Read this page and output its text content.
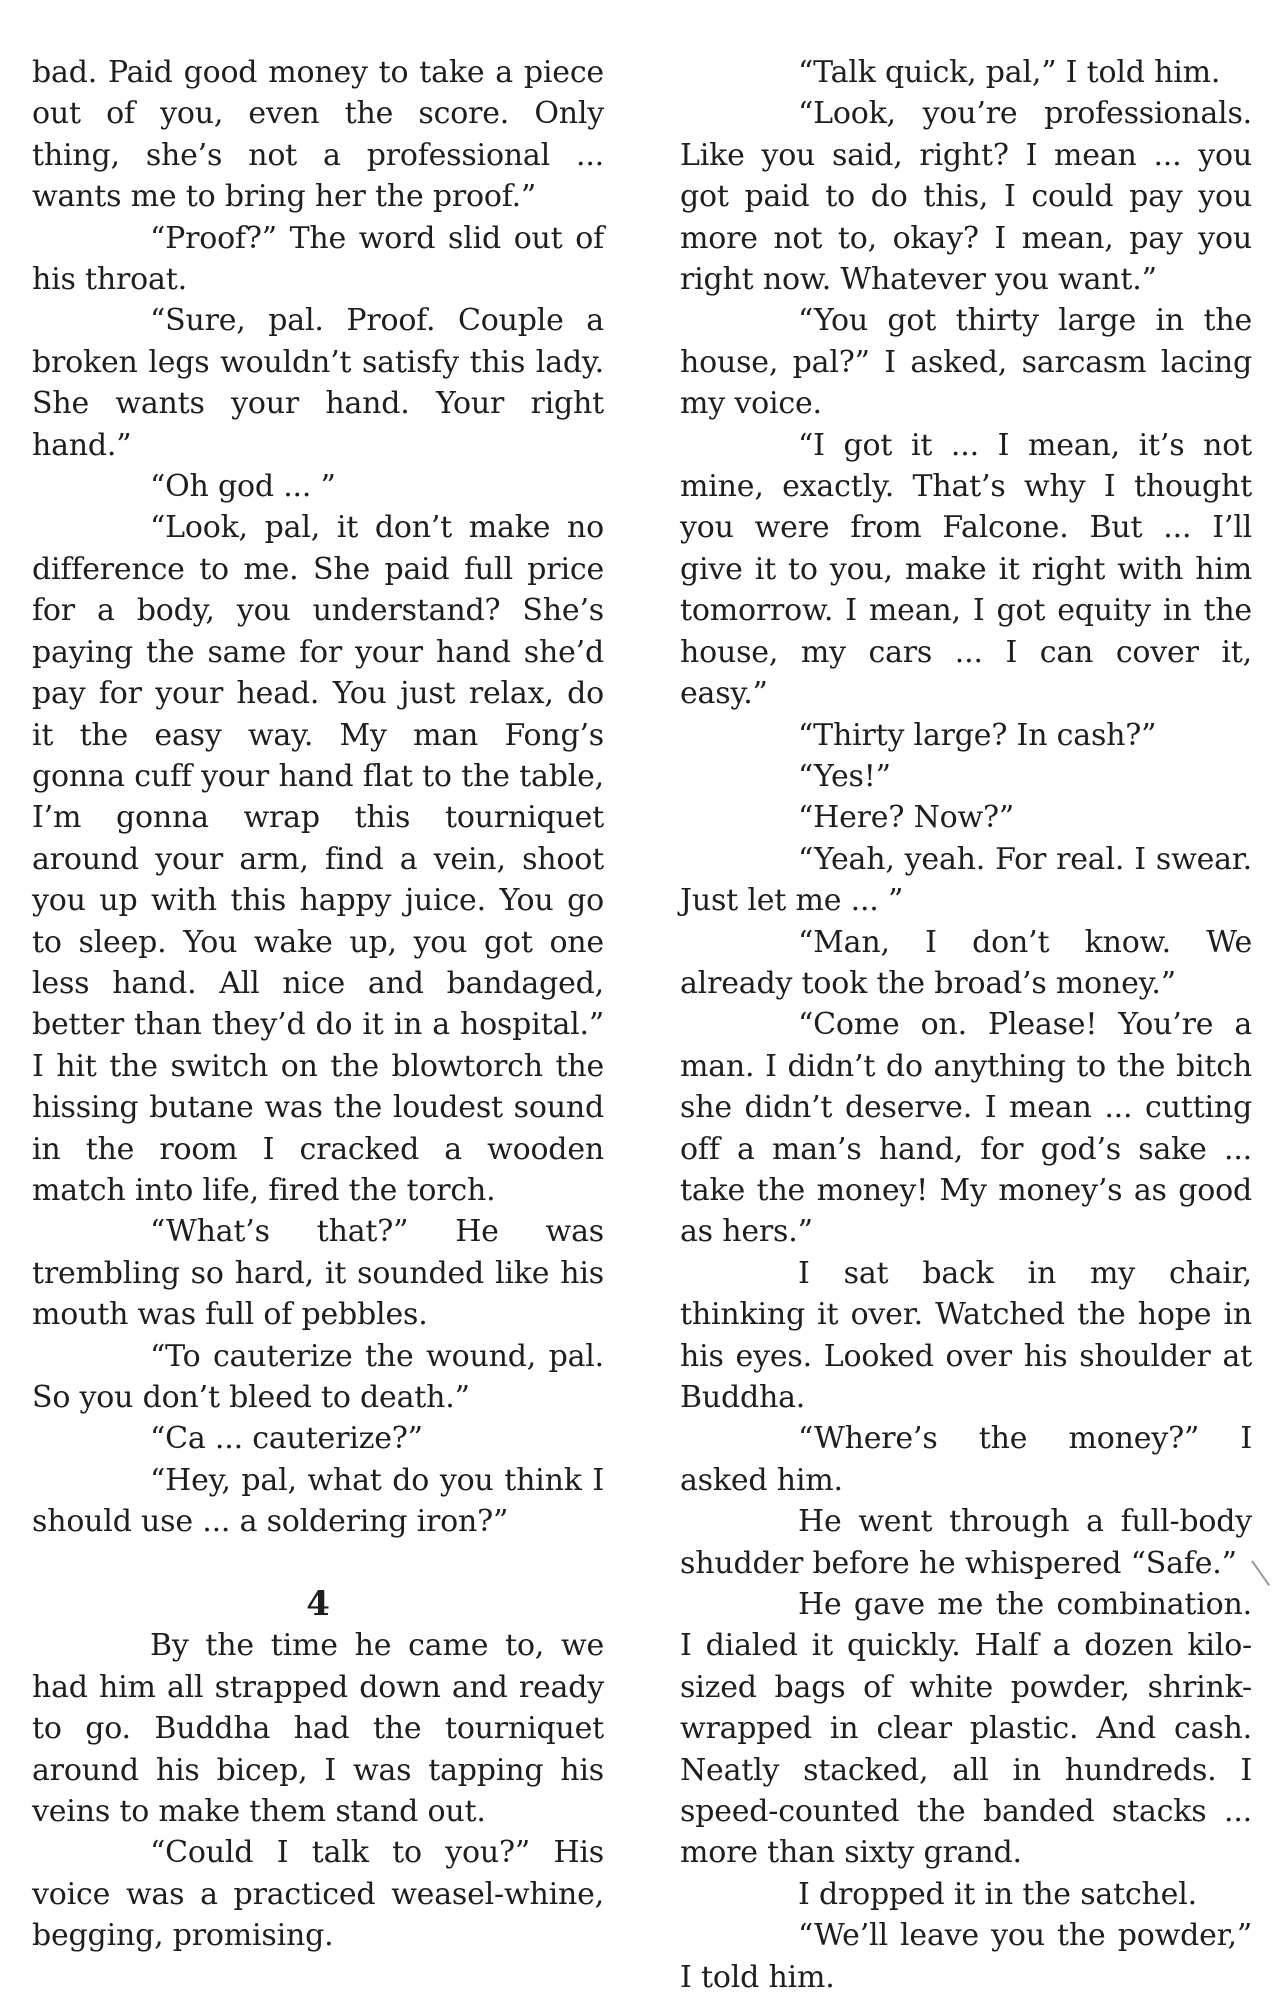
bad. Paid good money to take a piece out of you, even the score. Only thing, she’s not a professional ... wants me to bring her the proof.”

“Proof?” The word slid out of his throat.

“Sure, pal. Proof. Couple a broken legs wouldn’t satisfy this lady. She wants your hand. Your right hand.”

“Oh god ... ”

“Look, pal, it don’t make no difference to me. She paid full price for a body, you understand? She’s paying the same for your hand she’d pay for your head. You just relax, do it the easy way. My man Fong’s gonna cuff your hand flat to the table, I’m gonna wrap this tourniquet around your arm, find a vein, shoot you up with this happy juice. You go to sleep. You wake up, you got one less hand. All nice and bandaged, better than they’d do it in a hospital.” I hit the switch on the blowtorch the hissing butane was the loudest sound in the room I cracked a wooden match into life, fired the torch.

“What’s that?” He was trembling so hard, it sounded like his mouth was full of pebbles.

“To cauterize the wound, pal. So you don’t bleed to death.”

“Ca ... cauterize?”

“Hey, pal, what do you think I should use ... a soldering iron?”

4

By the time he came to, we had him all strapped down and ready to go. Buddha had the tourniquet around his bicep, I was tapping his veins to make them stand out.

“Could I talk to you?” His voice was a practiced weasel-whine, begging, promising.

“Talk quick, pal,” I told him.

“Look, you’re professionals. Like you said, right? I mean ... you got paid to do this, I could pay you more not to, okay? I mean, pay you right now. Whatever you want.”

“You got thirty large in the house, pal?” I asked, sarcasm lacing my voice.

“I got it ... I mean, it’s not mine, exactly. That’s why I thought you were from Falcone. But ... I’ll give it to you, make it right with him tomorrow. I mean, I got equity in the house, my cars ... I can cover it, easy.”

“Thirty large? In cash?”

“Yes!”

“Here? Now?”

“Yeah, yeah. For real. I swear. Just let me ... ”

“Man, I don’t know. We already took the broad’s money.”

“Come on. Please! You’re a man. I didn’t do anything to the bitch she didn’t deserve. I mean ... cutting off a man’s hand, for god’s sake ... take the money! My money’s as good as hers.”

I sat back in my chair, thinking it over. Watched the hope in his eyes. Looked over his shoulder at Buddha.

“Where’s the money?” I asked him.

He went through a full-body shudder before he whispered “Safe.”

He gave me the combination. I dialed it quickly. Half a dozen kilo-sized bags of white powder, shrink-wrapped in clear plastic. And cash. Neatly stacked, all in hundreds. I speed-counted the banded stacks ... more than sixty grand.

I dropped it in the satchel.

“We’ll leave you the powder,” I told him.
